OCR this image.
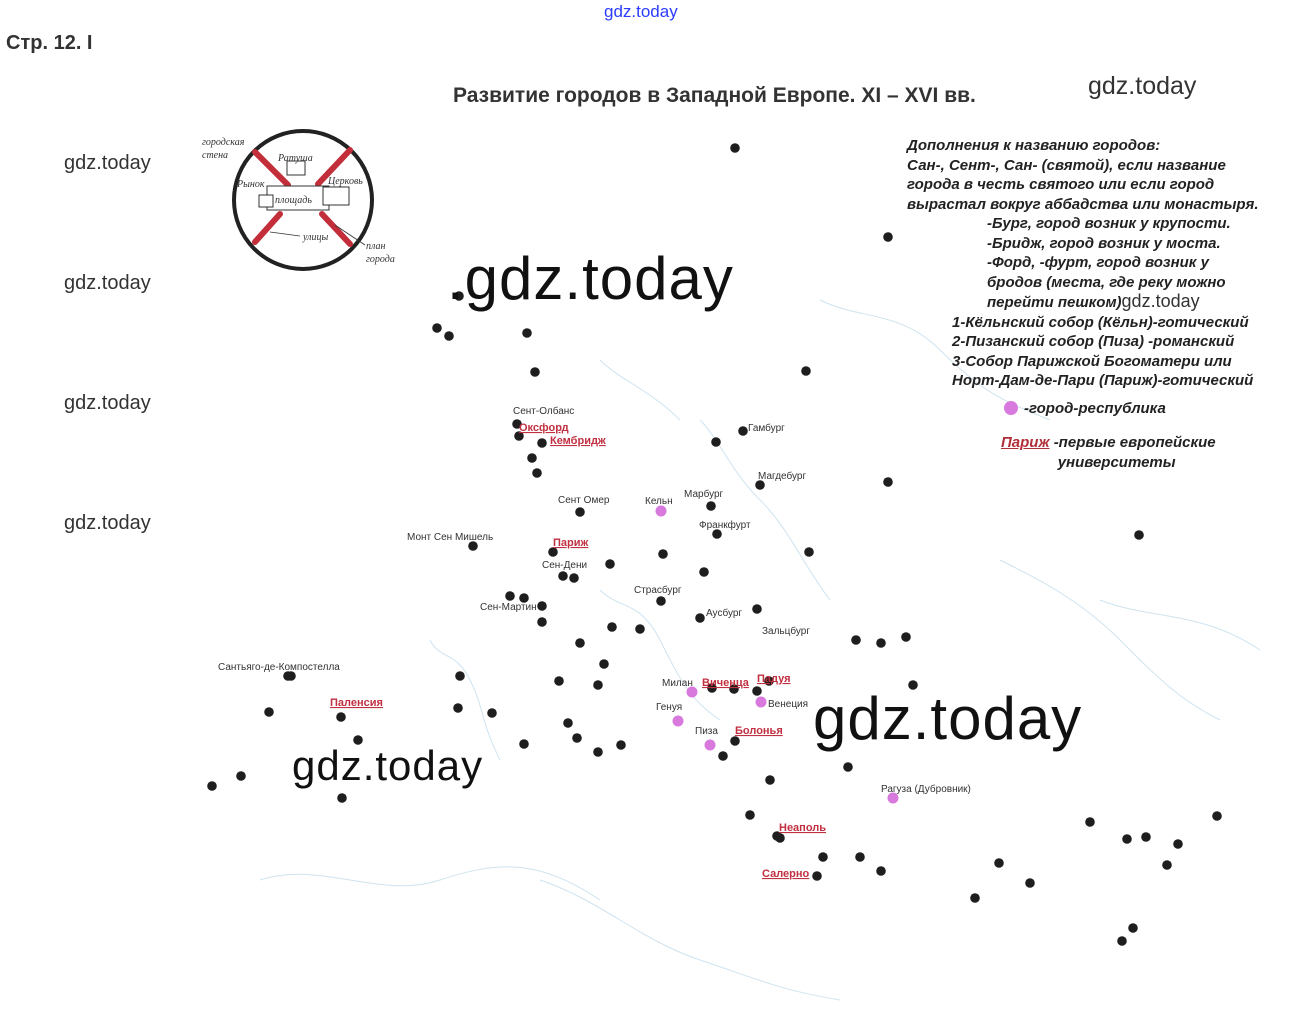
gdz.today
Стр. 12. I
Развитие городов в Западной Европе. XI – XVI вв.	gdz.today
gdz.today
gdz.today
gdz.today
gdz.today
городская
стена	Ратуша
Рынок	Церковь
площадь
улицы
план
города
Сент-Олбанс
Оксфорд
Кембридж
Гамбург
Магдебург
Сент Омер	Кельн
Марбург
Франкфурт
Монт Сен Мишель	Париж
Сен-Дени
Страсбург
Сен-Мартин
Аусбург
Зальцбург
Сантьяго-де-Компостелла
Паленсия
Милан Виченца Падуя
Венеция
Генуя
Пиза Болонья
Рагуза (Дубровник)
Неаполь
Салерно
.gdz.today
gdz.today
gdz.today
Дополнения к названию городов:
Сан-, Сент-, Сан- (святой), если название
города в честь святого или если город
вырастал вокруг аббадства или монастыря.
-Бург, город возник у крупости.
-Бридж, город возник у моста.
-Форд, -фурт, город возник у
бродов (места, где реку можно
перейти пешком)gdz.today
1-Кёльнский собор (Кёльн)-готический
2-Пизанский собор (Пиза) -романский
3-Собор Парижской Богоматери или
Норт-Дам-де-Пари (Париж)-готический
-город-республика
Париж -первые европейские
университеты
